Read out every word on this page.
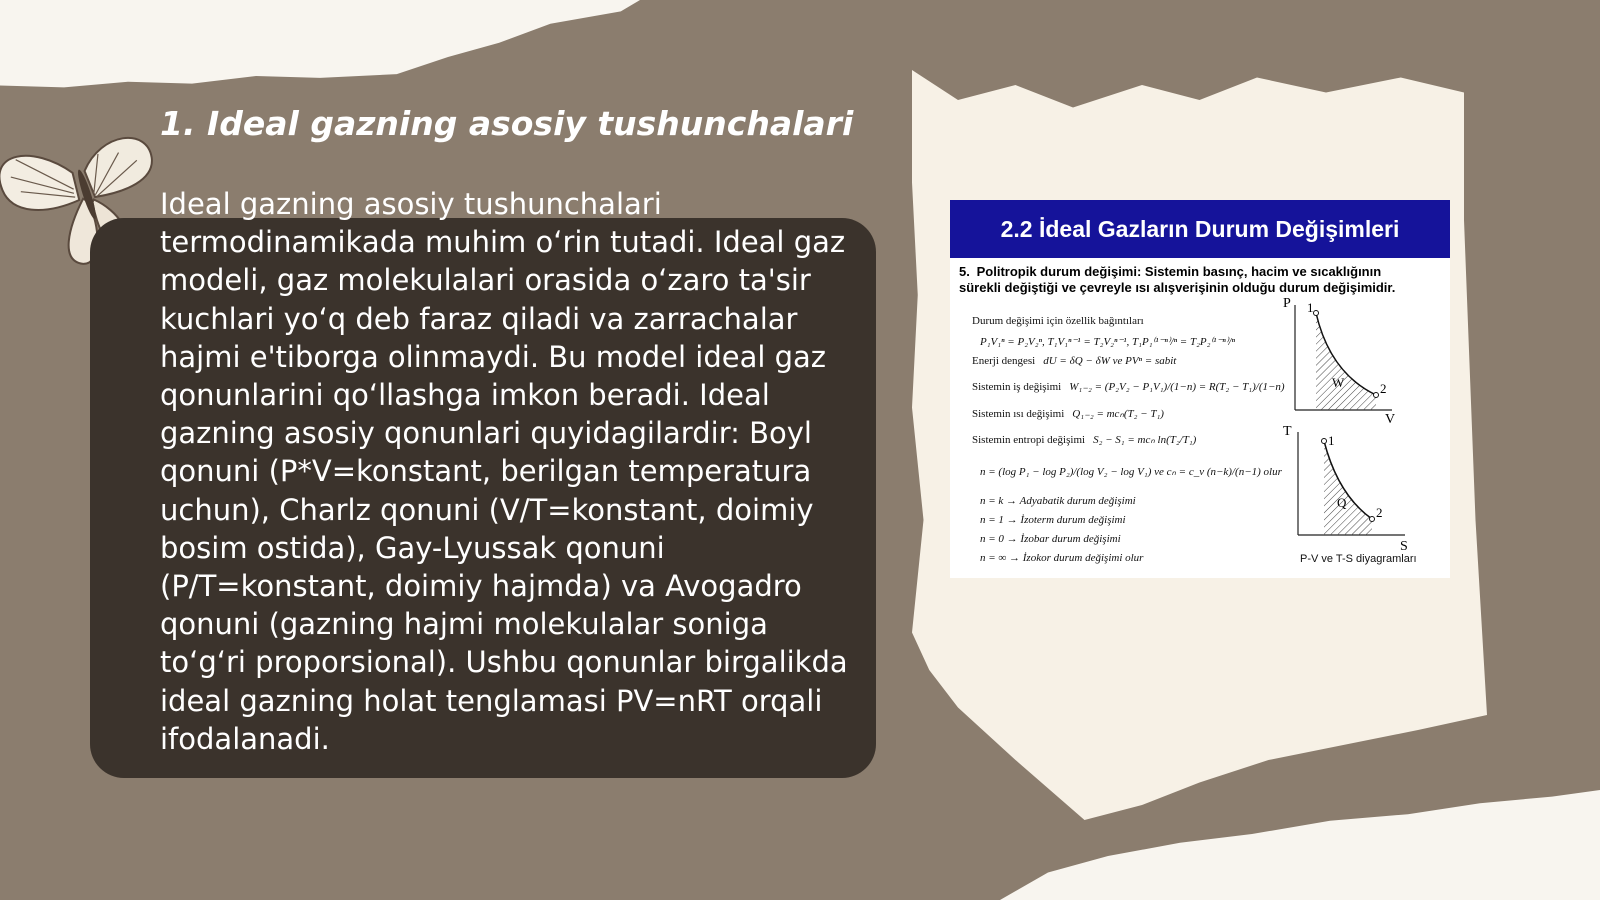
1. Ideal gazning asosiy tushunchalari

Ideal gazning asosiy tushunchalari termodinamikada muhim o‘rin tutadi. Ideal gaz modeli, gaz molekulalari orasida o‘zaro ta'sir kuchlari yo‘q deb faraz qiladi va zarrachalar hajmi e'tiborga olinmaydi. Bu model ideal gaz qonunlarini qo‘llashga imkon beradi. Ideal gazning asosiy qonunlari quyidagilardir: Boyl qonuni (P*V=konstant, berilgan temperatura uchun), Charlz qonuni (V/T=konstant, doimiy bosim ostida), Gay-Lyussak qonuni (P/T=konstant, doimiy hajmda) va Avogadro qonuni (gazning hajmi molekulalar soniga to‘g‘ri proporsional). Ushbu qonunlar birgalikda ideal gazning holat tenglamasi PV=nRT orqali ifodalanadi.

2.2 İdeal Gazların Durum Değişimleri

5. Politropik durum değişimi: Sistemin basınç, hacim ve sıcaklığının sürekli değiştiği ve çevreyle ısı alışverişinin olduğu durum değişimidir.

Durum değişimi için özellik bağıntıları
P₁V₁ⁿ = P₂V₂ⁿ, T₁V₁ⁿ⁻¹ = T₂V₂ⁿ⁻¹, T₁P₁⁽¹⁻ⁿ⁾/ⁿ = T₂P₂⁽¹⁻ⁿ⁾/ⁿ
Enerji dengesi dU = δQ − δW ve PVⁿ = sabit
Sistemin iş değişimi W₁₋₂ = (P₂V₂ − P₁V₁)/(1−n) = R(T₂ − T₁)/(1−n)
Sistemin ısı değişimi Q₁₋₂ = mcₙ(T₂ − T₁)
Sistemin entropi değişimi S₂ − S₁ = mcₙ ln(T₂/T₁)
n = (log P₁ − log P₂)/(log V₂ − log V₁) ve cₙ = c_v (n−k)/(n−1) olur
n = k → Adyabatik durum değişimi
n = 1 → İzoterm durum değişimi
n = 0 → İzobar durum değişimi
n = ∞ → İzokor durum değişimi olur
P
V
1
2
W
T
S
1
2
Q
P-V ve T-S diyagramları
